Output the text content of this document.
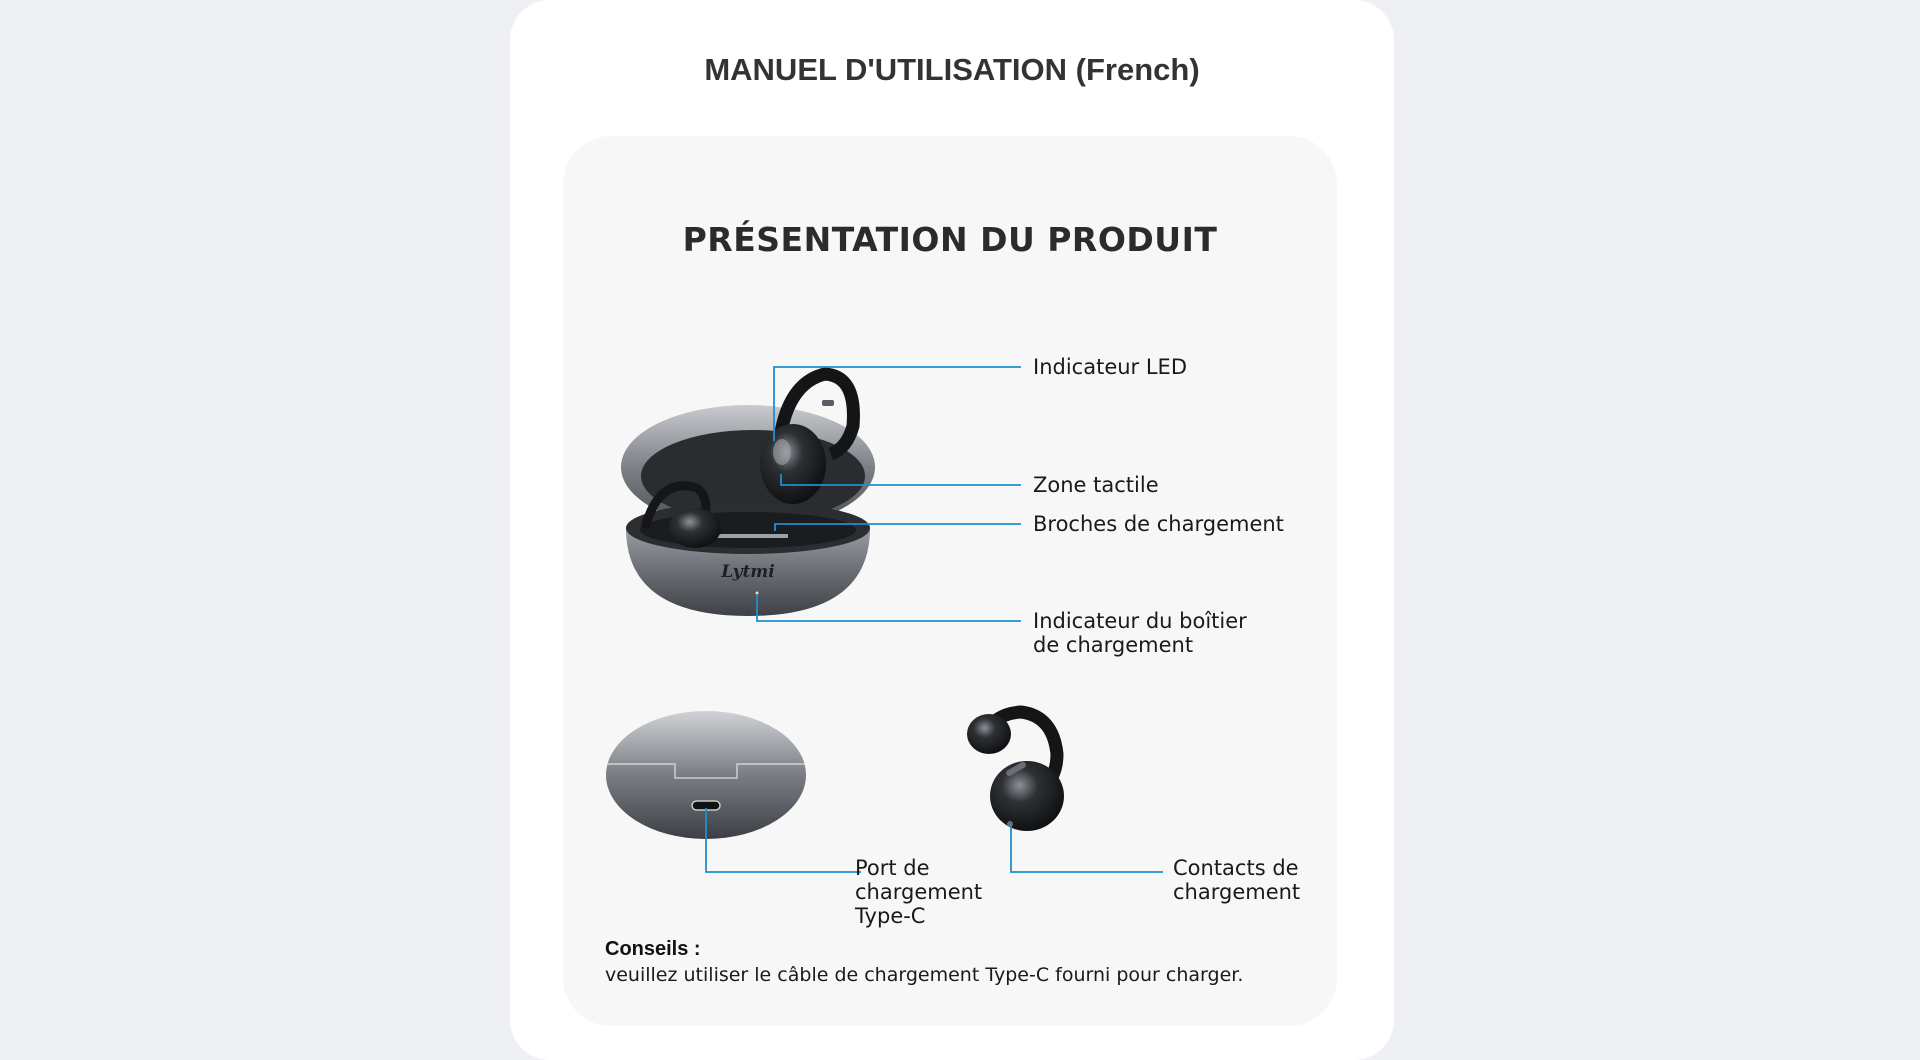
MANUEL D'UTILISATION (French)
PRÉSENTATION DU PRODUIT
Lytmi
Indicateur LED
Zone tactile
Broches de chargement
Indicateur du boîtier
de chargement
Port de
chargement
Type-C
Contacts de
chargement
Conseils :
veuillez utiliser le câble de chargement Type-C fourni pour charger.
